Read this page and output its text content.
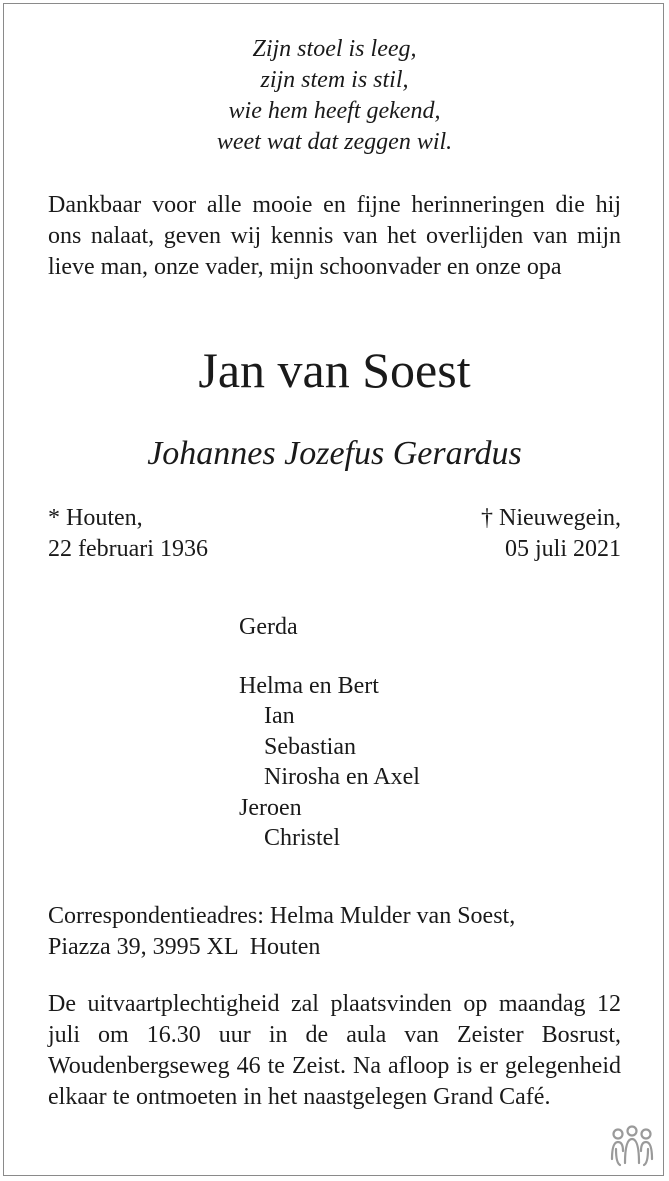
Zijn stoel is leeg,
zijn stem is stil,
wie hem heeft gekend,
weet wat dat zeggen wil.
Dankbaar voor alle mooie en fijne herinneringen die hij ons nalaat, geven wij kennis van het overlijden van mijn lieve man, onze vader, mijn schoonvader en onze opa
Jan van Soest
Johannes Jozefus Gerardus
* Houten,
22 februari 1936
† Nieuwegein,
05 juli 2021
Gerda
Helma en Bert
Ian
Sebastian
Nirosha en Axel
Jeroen
Christel
Correspondentieadres: Helma Mulder van Soest,
Piazza 39, 3995 XL  Houten
De uitvaartplechtigheid zal plaatsvinden op maandag 12 juli om 16.30 uur in de aula van Zeister Bosrust, Woudenbergseweg 46 te Zeist. Na afloop is er gelegenheid elkaar te ontmoeten in het naastgelegen Grand Café.
